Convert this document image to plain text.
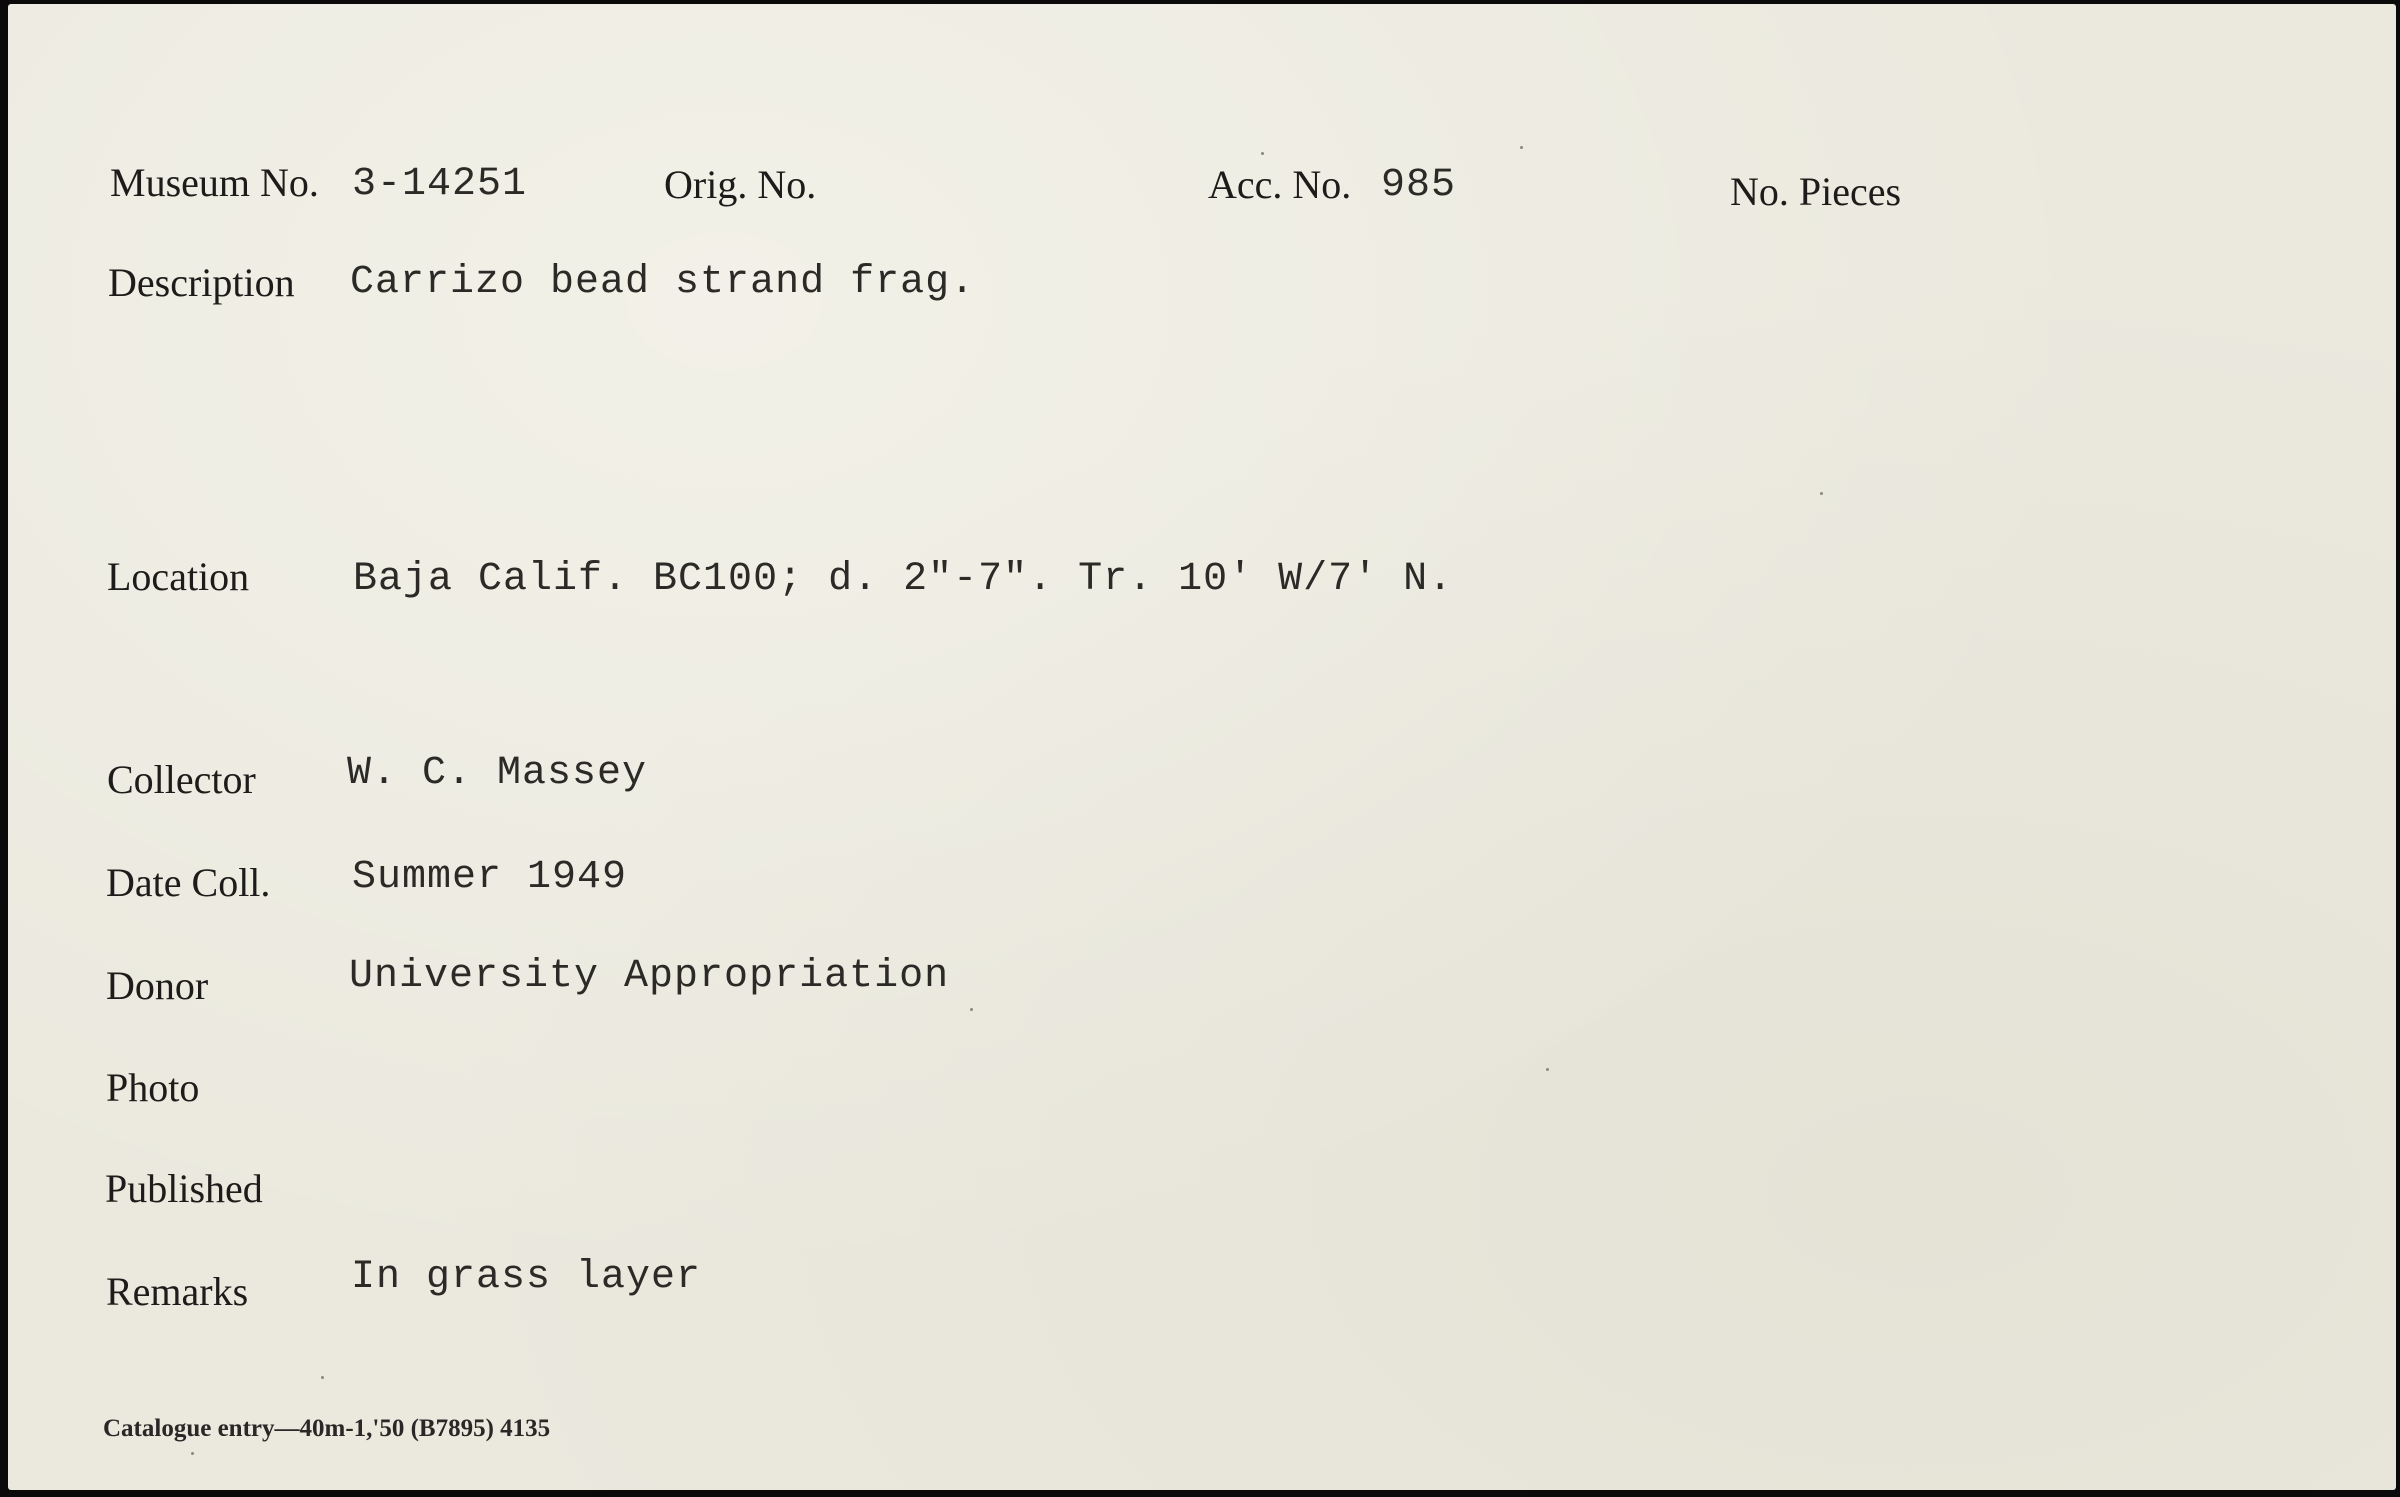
Museum No. 3-14251	Orig. No.	Acc. No. 985	No. Pieces
Description Carrizo bead strand frag.
Location	Baja Calif. BC100; d. 2"-7". Tr. 10' W/7' N.
Collector W. C. Massey
Date Coll. Summer 1949
Donor	University Appropriation
Photo
Published
Remarks	In grass layer
Catalogue entry—40m-1,'50 (B7895) 4135
